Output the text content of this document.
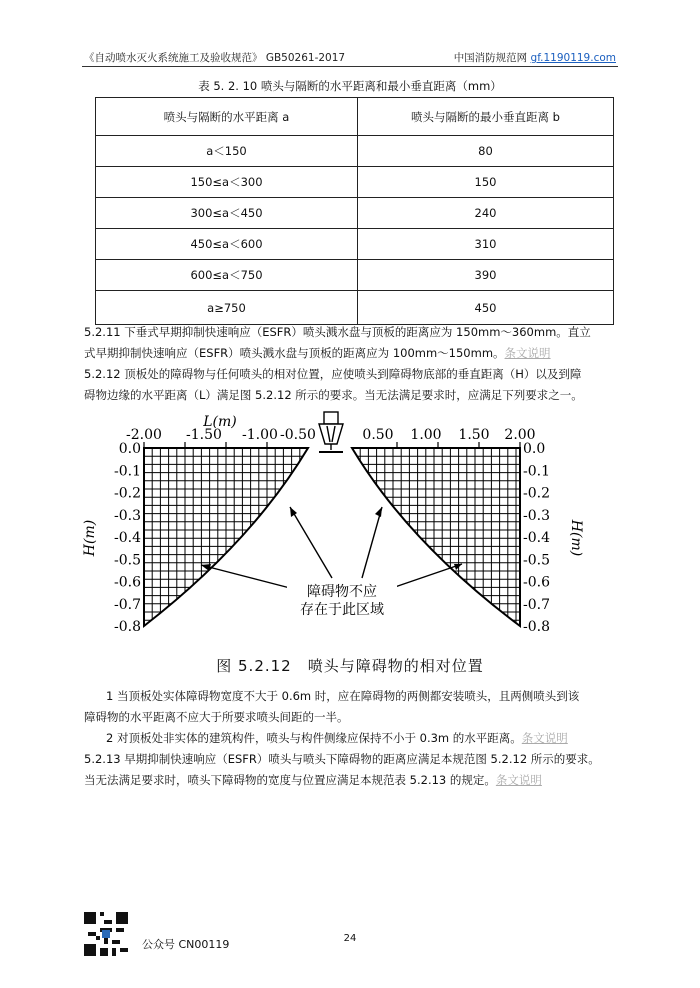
《自动喷水灭火系统施工及验收规范》 GB50261-2017	中国消防规范网 gf.1190119.com
表 5. 2. 10 喷头与隔断的水平距离和最小垂直距离（mm）
喷头与隔断的水平距离 a	喷头与隔断的最小垂直距离 b
a＜150	80
150≤a＜300	150
300≤a＜450	240
450≤a＜600	310
600≤a＜750	390
a≥750	450
5.2.11 下垂式早期抑制快速响应（ESFR）喷头溅水盘与顶板的距离应为 150mm～360mm。直立
式早期抑制快速响应（ESFR）喷头溅水盘与顶板的距离应为 100mm～150mm。条文说明
5.2.12 顶板处的障碍物与任何喷头的相对位置，应使喷头到障碍物底部的垂直距离（H）以及到障
碍物边缘的水平距离（L）满足图 5.2.12 所示的要求。当无法满足要求时，应满足下列要求之一。
-2.00 -1.50 -1.00 -0.50	0.50 1.00 1.50 2.00
L(m)
0.0
-0.1
-0.2
-0.3
-0.4
-0.5
-0.6
-0.7
-0.8
0.0
-0.1
-0.2
-0.3
-0.4
-0.5
-0.6
-0.7
-0.8
H(m)	H(m)
障碍物不应
存在于此区域
图 5.2.12　喷头与障碍物的相对位置
1 当顶板处实体障碍物宽度不大于 0.6m 时，应在障碍物的两侧都安装喷头，且两侧喷头到该
障碍物的水平距离不应大于所要求喷头间距的一半。
2 对顶板处非实体的建筑构件，喷头与构件侧缘应保持不小于 0.3m 的水平距离。条文说明
5.2.13 早期抑制快速响应（ESFR）喷头与喷头下障碍物的距离应满足本规范图 5.2.12 所示的要求。
当无法满足要求时，喷头下障碍物的宽度与位置应满足本规范表 5.2.13 的规定。条文说明
公众号 CN00119	24
